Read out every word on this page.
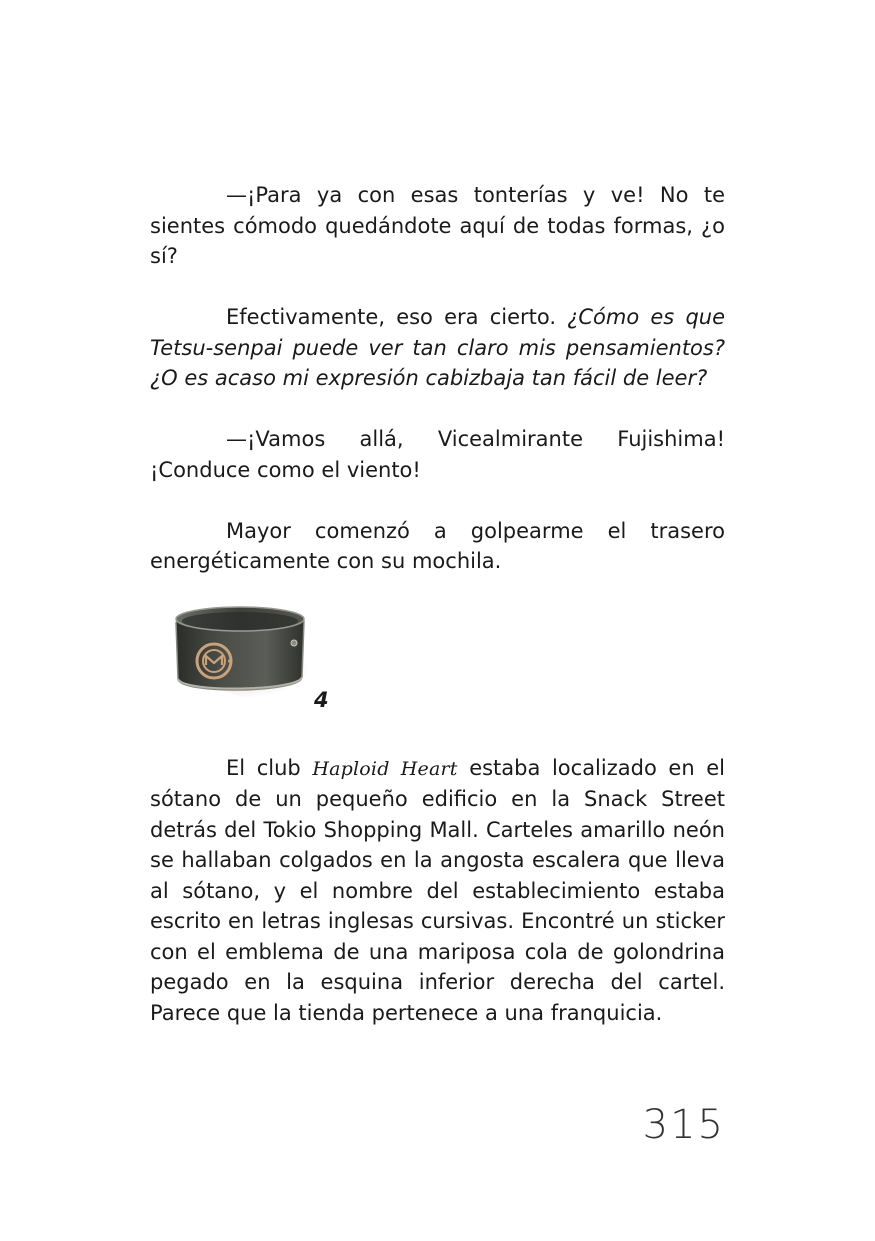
—¡Para ya con esas tonterías y ve! No te sientes cómodo quedándote aquí de todas formas, ¿o sí?

Efectivamente, eso era cierto. ¿Cómo es que Tetsu-senpai puede ver tan claro mis pensamientos? ¿O es acaso mi expresión cabizbaja tan fácil de leer?

—¡Vamos allá, Vicealmirante Fujishima! ¡Conduce como el viento!

Mayor comenzó a golpearme el trasero energéticamente con su mochila.

4

El club Haploid Heart estaba localizado en el sótano de un pequeño edificio en la Snack Street detrás del Tokio Shopping Mall. Carteles amarillo neón se hallaban colgados en la angosta escalera que lleva al sótano, y el nombre del establecimiento estaba escrito en letras inglesas cursivas. Encontré un sticker con el emblema de una mariposa cola de golondrina pegado en la esquina inferior derecha del cartel. Parece que la tienda pertenece a una franquicia.

315
